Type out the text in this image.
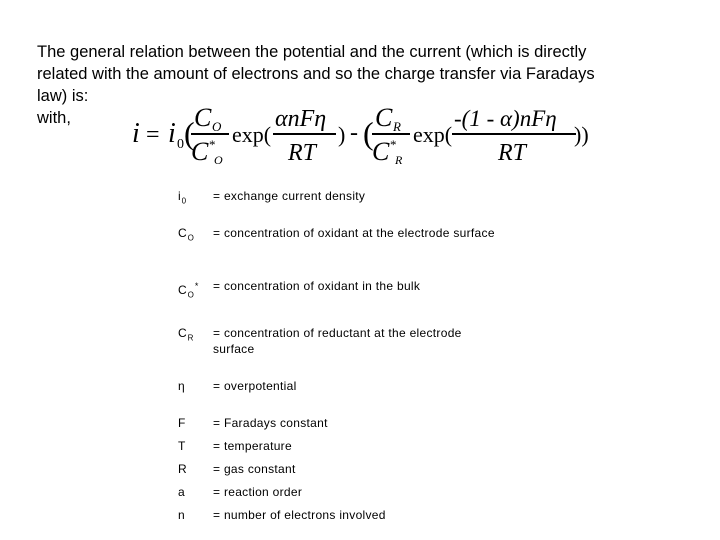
The general relation between the potential and the current (which is directly

related with the amount of electrons and so the charge transfer via Faradays

law) is:

with,	i = i 0 ( C O
C *
O
exp(
αnFη
RT
) - ( C R
C *
R
exp(
-(1 - α)nFη
RT
))
$i_0$	= exchange current density
$C_O$	= concentration of oxidant at the electrode surface
$C_O^*$	= concentration of oxidant in the bulk
$C_R$	= concentration of reductant at the electrode surface
η	= overpotential
F	= Faradays constant
T	= temperature
R	= gas constant
a	= reaction order
n	= number of electrons involved
